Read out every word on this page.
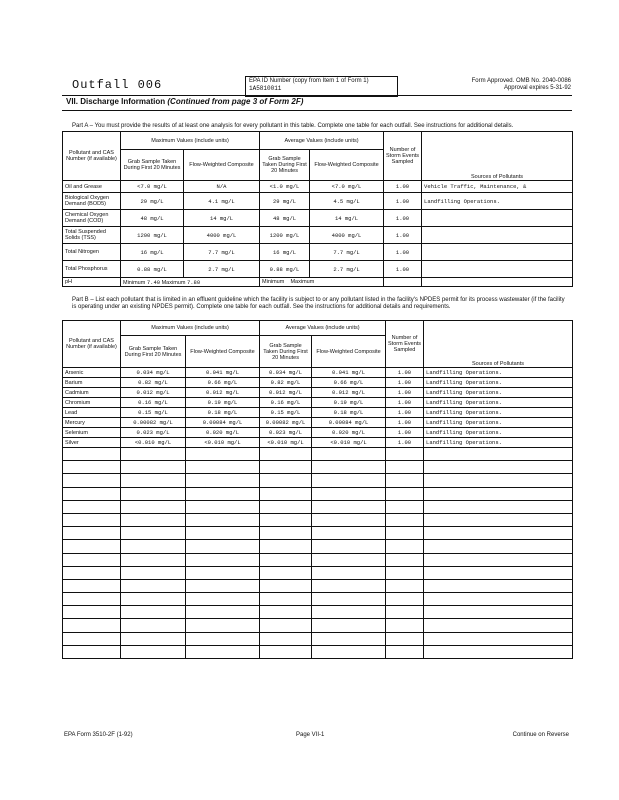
Outfall 006	EPA ID Number (copy from Item 1 of Form 1)
1A5810011
Form Approved. OMB No. 2040-0086
Approval expires 5-31-92
VII. Discharge Information (Continued from page 3 of Form 2F)
Part A – You must provide the results of at least one analysis for every pollutant in this table. Complete one table for each outfall. See instructions for additional details.
Pollutant and CAS Number (if available)	Maximum Values (include units)		Average Values (include units)		Number of Storm Events Sampled	Sources of Pollutants
	Grab Sample Taken During First 20 Minutes	Flow-Weighted Composite	Grab Sample Taken During First 20 Minutes	Flow-Weighted Composite		
Oil and Grease	<7.0 mg/L	N/A	<1.0 mg/L	<7.0 mg/L	1.00	Vehicle Traffic, Maintenance, &
Biological Oxygen Demand (BOD5)	29 mg/L	4.1 mg/L	29 mg/L	4.5 mg/L	1.00	Landfilling Operations.
Chemical Oxygen Demand (COD)	48 mg/L	14 mg/L	48 mg/L	14 mg/L	1.00	
Total Suspended Solids (TSS)	1200 mg/L	4000 mg/L	1200 mg/L	4000 mg/L	1.00	
Total Nitrogen	16 mg/L	7.7 mg/L	16 mg/L	7.7 mg/L	1.00	
Total Phosphorus	0.88 mg/L	2.7 mg/L	0.88 mg/L	2.7 mg/L	1.00	
pH	Minimum 7.40 Maximum 7.80		Minimum Maximum			
Part B – List each pollutant that is limited in an effluent guideline which the facility is subject to or any pollutant listed in the facility's NPDES permit for its process wastewater (if the facility is operating under an existing NPDES permit). Complete one table for each outfall. See the instructions for additional details and requirements.
Pollutant and CAS Number (if available)	Maximum Values (include units)		Average Values (include units)		Number of Storm Events Sampled	Sources of Pollutants
	Grab Sample Taken During First 20 Minutes	Flow-Weighted Composite	Grab Sample Taken During First 20 Minutes	Flow-Weighted Composite		
Arsenic	0.034 mg/L	0.041 mg/L	0.034 mg/L	0.041 mg/L	1.00	Landfilling Operations.
Barium	0.82 mg/L	0.66 mg/L	0.82 mg/L	0.66 mg/L	1.00	Landfilling Operations.
Cadmium	0.012 mg/L	0.012 mg/L	0.012 mg/L	0.012 mg/L	1.00	Landfilling Operations.
Chromium	0.16 mg/L	0.19 mg/L	0.16 mg/L	0.19 mg/L	1.00	Landfilling Operations.
Lead	0.15 mg/L	0.18 mg/L	0.15 mg/L	0.18 mg/L	1.00	Landfilling Operations.
Mercury	0.00082 mg/L	0.00084 mg/L	0.00082 mg/L	0.00084 mg/L	1.00	Landfilling Operations.
Selenium	0.023 mg/L	0.020 mg/L	0.023 mg/L	0.020 mg/L	1.00	Landfilling Operations.
Silver	<0.010 mg/L	<0.010 mg/L	<0.010 mg/L	<0.010 mg/L	1.00	Landfilling Operations.

EPA Form 3510-2F (1-92)	Page VII-1	Continue on Reverse
